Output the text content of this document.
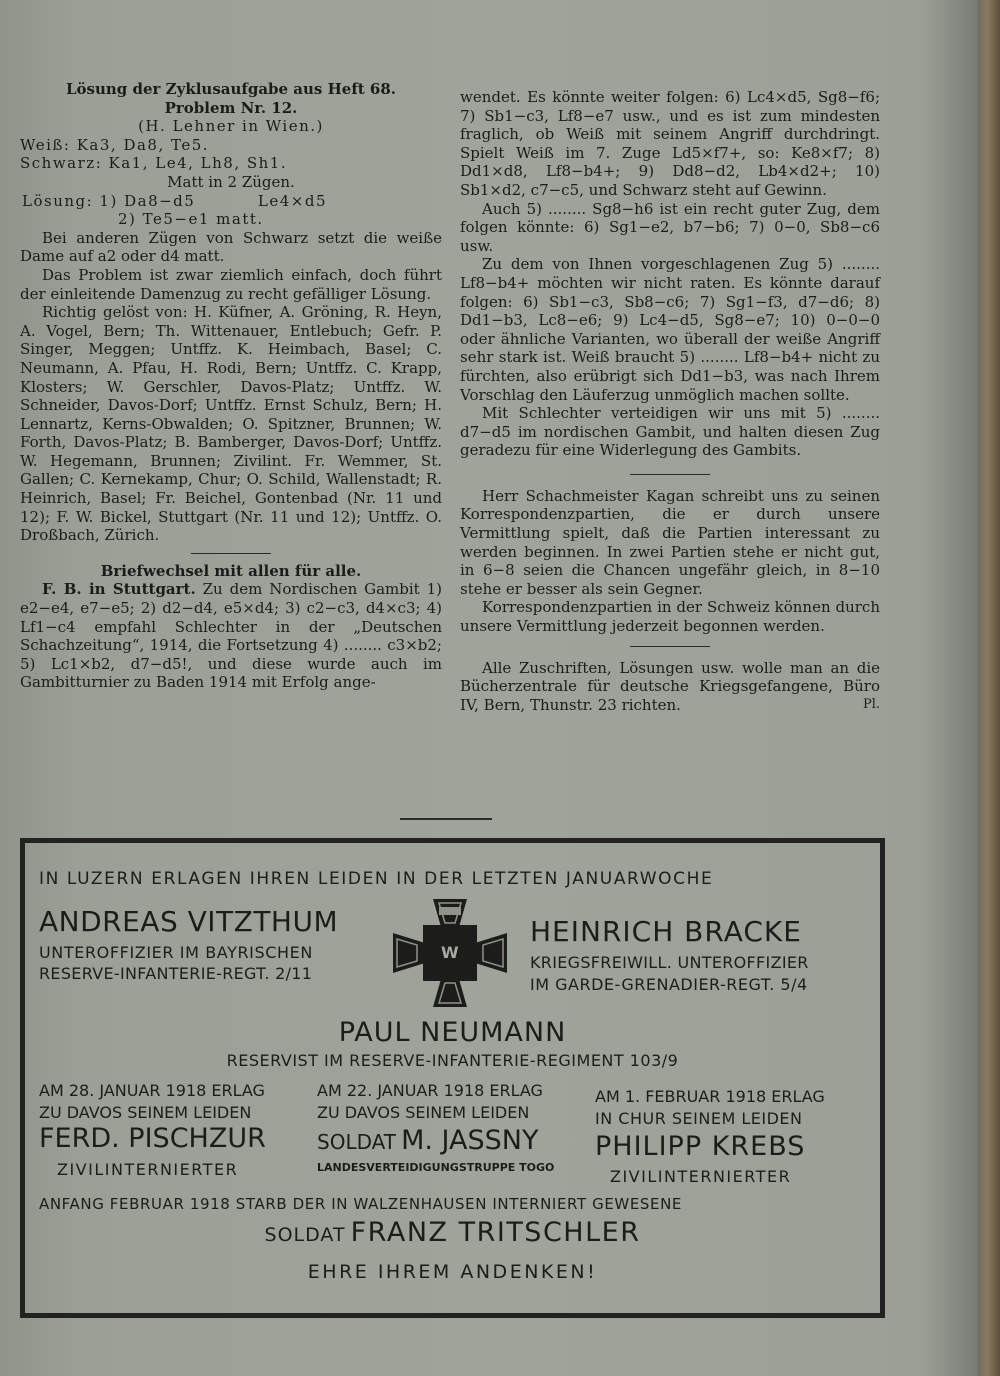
Lösung der Zyklusaufgabe aus Heft 68.

Problem Nr. 12.

(H. Lehner in Wien.)

Weiß: Ka3, Da8, Te5.

Schwarz: Ka1, Le4, Lh8, Sh1.

Matt in 2 Zügen.

Lösung: 1) Da8−d5	Le4×d5

2) Te5−e1 matt.

Bei anderen Zügen von Schwarz setzt die weiße Dame auf a2 oder d4 matt.

Das Problem ist zwar ziemlich einfach, doch führt der einleitende Damenzug zu recht gefälliger Lösung.

Richtig gelöst von: H. Küfner, A. Gröning, R. Heyn, A. Vogel, Bern; Th. Wittenauer, Entlebuch; Gefr. P. Singer, Meggen; Untffz. K. Heimbach, Basel; C. Neumann, A. Pfau, H. Rodi, Bern; Untffz. C. Krapp, Klosters; W. Gerschler, Davos-Platz; Untffz. W. Schneider, Davos-Dorf; Untffz. Ernst Schulz, Bern; H. Lennartz, Kerns-Obwalden; O. Spitzner, Brunnen; W. Forth, Davos-Platz; B. Bamberger, Davos-Dorf; Untffz. W. Hegemann, Brunnen; Zivilint. Fr. Wemmer, St. Gallen; C. Kernekamp, Chur; O. Schild, Wallenstadt; R. Heinrich, Basel; Fr. Beichel, Gontenbad (Nr. 11 und 12); F. W. Bickel, Stuttgart (Nr. 11 und 12); Untffz. O. Droßbach, Zürich.

Briefwechsel mit allen für alle.

F. B. in Stuttgart. Zu dem Nordischen Gambit 1) e2−e4, e7−e5; 2) d2−d4, e5×d4; 3) c2−c3, d4×c3; 4) Lf1−c4 empfahl Schlechter in der „Deutschen Schachzeitung“, 1914, die Fortsetzung 4) ........ c3×b2; 5) Lc1×b2, d7−d5!, und diese wurde auch im Gambitturnier zu Baden 1914 mit Erfolg ange-

wendet. Es könnte weiter folgen: 6) Lc4×d5, Sg8−f6; 7) Sb1−c3, Lf8−e7 usw., und es ist zum mindesten fraglich, ob Weiß mit seinem Angriff durchdringt. Spielt Weiß im 7. Zuge Ld5×f7+, so: Ke8×f7; 8) Dd1×d8, Lf8−b4+; 9) Dd8−d2, Lb4×d2+; 10) Sb1×d2, c7−c5, und Schwarz steht auf Gewinn.

Auch 5) ........ Sg8−h6 ist ein recht guter Zug, dem folgen könnte: 6) Sg1−e2, b7−b6; 7) 0−0, Sb8−c6 usw.

Zu dem von Ihnen vorgeschlagenen Zug 5) ........ Lf8−b4+ möchten wir nicht raten. Es könnte darauf folgen: 6) Sb1−c3, Sb8−c6; 7) Sg1−f3, d7−d6; 8) Dd1−b3, Lc8−e6; 9) Lc4−d5, Sg8−e7; 10) 0−0−0 oder ähnliche Varianten, wo überall der weiße Angriff sehr stark ist. Weiß braucht 5) ........ Lf8−b4+ nicht zu fürchten, also erübrigt sich Dd1−b3, was nach Ihrem Vorschlag den Läuferzug unmöglich machen sollte.

Mit Schlechter verteidigen wir uns mit 5) ........ d7−d5 im nordischen Gambit, und halten diesen Zug geradezu für eine Widerlegung des Gambits.

Herr Schachmeister Kagan schreibt uns zu seinen Korrespondenzpartien, die er durch unsere Vermittlung spielt, daß die Partien interessant zu werden beginnen. In zwei Partien stehe er nicht gut, in 6−8 seien die Chancen ungefähr gleich, in 8−10 stehe er besser als sein Gegner.

Korrespondenzpartien in der Schweiz können durch unsere Vermittlung jederzeit begonnen werden.

Alle Zuschriften, Lösungen usw. wolle man an die Bücherzentrale für deutsche Kriegsgefangene, Büro IV, Bern, Thunstr. 23 richten.	Pl.

IN LUZERN ERLAGEN IHREN LEIDEN IN DER LETZTEN JANUARWOCHE
ANDREAS VITZTHUM
UNTEROFFIZIER IM BAYRISCHEN
RESERVE-INFANTERIE-REGT. 2/11
W
HEINRICH BRACKE
KRIEGSFREIWILL. UNTEROFFIZIER
IM GARDE-GRENADIER-REGT. 5/4
PAUL NEUMANN
RESERVIST IM RESERVE-INFANTERIE-REGIMENT 103/9
AM 28. JANUAR 1918 ERLAG
ZU DAVOS SEINEM LEIDEN
FERD. PISCHZUR
ZIVILINTERNIERTER
AM 22. JANUAR 1918 ERLAG
ZU DAVOS SEINEM LEIDEN
SOLDAT M. JASSNY
LANDESVERTEIDIGUNGSTRUPPE TOGO
AM 1. FEBRUAR 1918 ERLAG
IN CHUR SEINEM LEIDEN
PHILIPP KREBS
ZIVILINTERNIERTER
ANFANG FEBRUAR 1918 STARB DER IN WALZENHAUSEN INTERNIERT GEWESENE
SOLDAT FRANZ TRITSCHLER
EHRE IHREM ANDENKEN!
